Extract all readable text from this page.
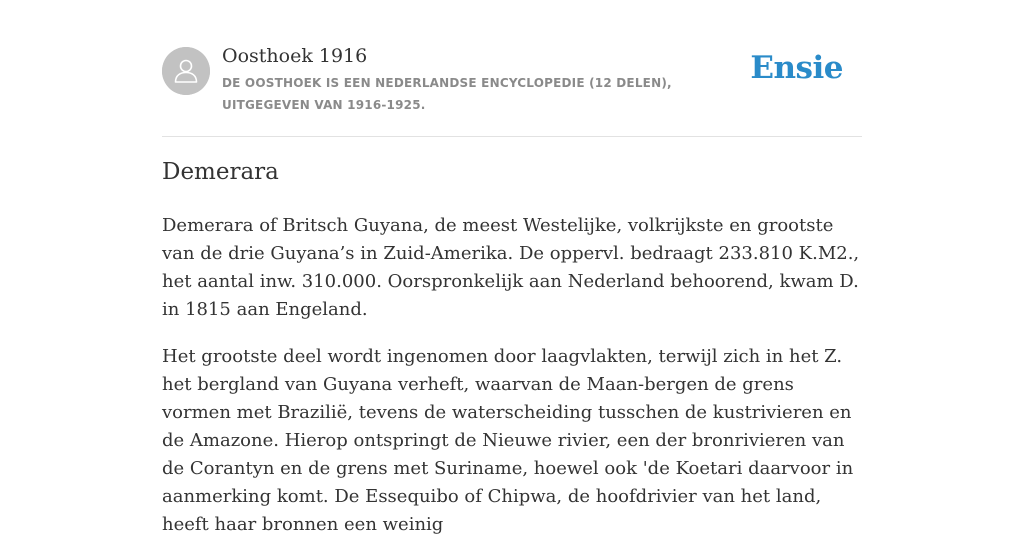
Oosthoek 1916
DE OOSTHOEK IS EEN NEDERLANDSE ENCYCLOPEDIE (12 DELEN), UITGEGEVEN VAN 1916-1925.
Ensie
Demerara

Demerara of Britsch Guyana, de meest Westelijke, volkrijkste en grootste van de drie Guyana’s in Zuid-Amerika. De oppervl. bedraagt 233.810 K.M2., het aantal inw. 310.000. Oorspronkelijk aan Nederland behoorend, kwam D. in 1815 aan Engeland.

Het grootste deel wordt ingenomen door laagvlakten, terwijl zich in het Z. het bergland van Guyana verheft, waarvan de Maan-bergen de grens vormen met Brazilië, tevens de waterscheiding tusschen de kustrivieren en de Amazone. Hierop ontspringt de Nieuwe rivier, een der bronrivieren van de Corantyn en de grens met Suriname, hoewel ook 'de Koetari daarvoor in aanmerking komt. De Essequibo of Chipwa, de hoofdrivier van het land, heeft haar bronnen een weinig
